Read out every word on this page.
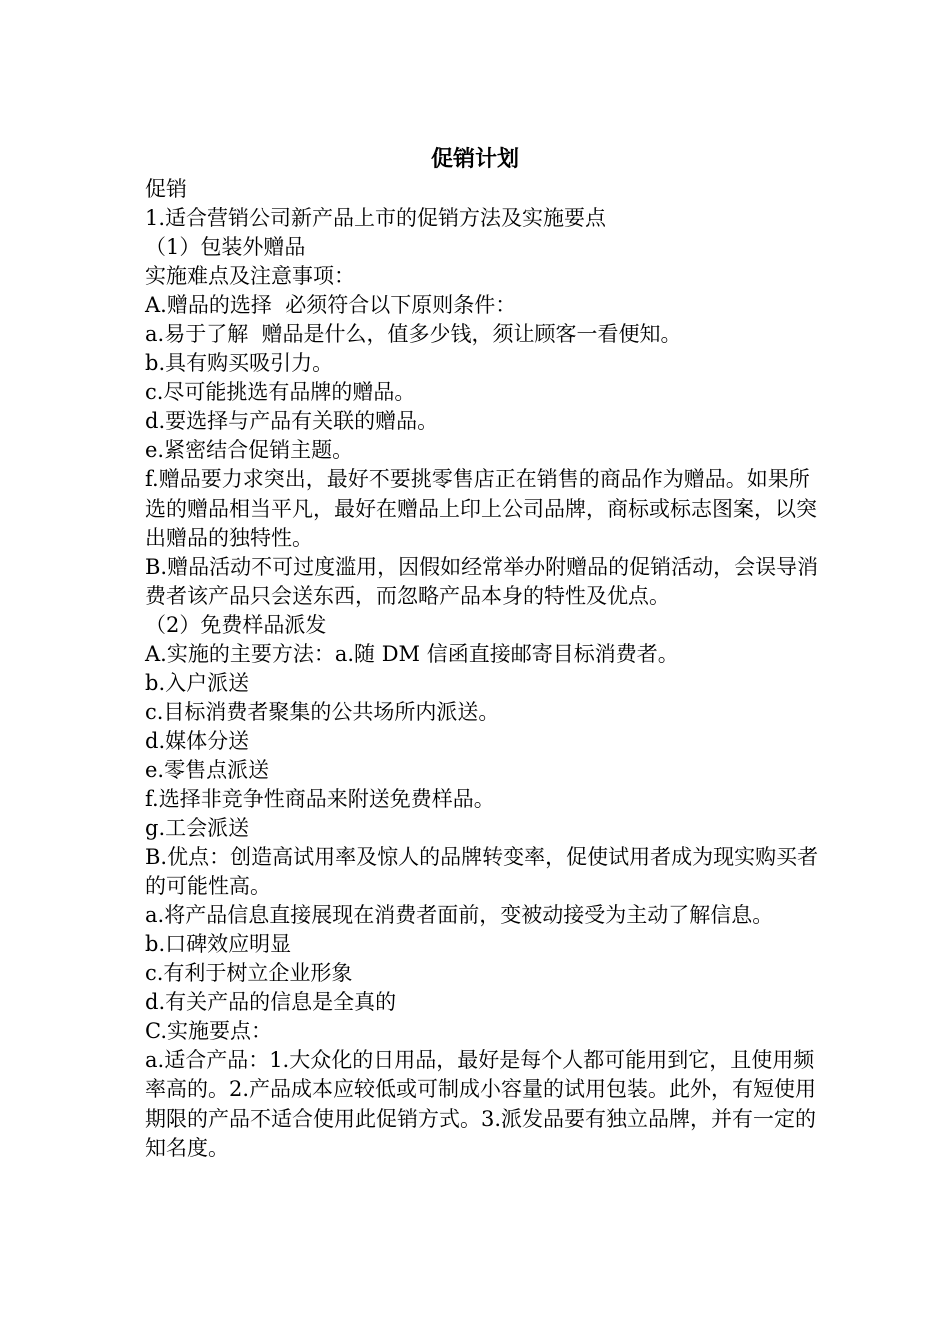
促销计划

促销

1.适合营销公司新产品上市的促销方法及实施要点

（1）包装外赠品

实施难点及注意事项：

A.赠品的选择  必须符合以下原则条件：

a.易于了解  赠品是什么，值多少钱，须让顾客一看便知。

b.具有购买吸引力。

c.尽可能挑选有品牌的赠品。

d.要选择与产品有关联的赠品。

e.紧密结合促销主题。

f.赠品要力求突出，最好不要挑零售店正在销售的商品作为赠品。如果所选的赠品相当平凡，最好在赠品上印上公司品牌，商标或标志图案，以突出赠品的独特性。

B.赠品活动不可过度滥用，因假如经常举办附赠品的促销活动，会误导消费者该产品只会送东西，而忽略产品本身的特性及优点。

（2）免费样品派发

A.实施的主要方法：a.随 DM 信函直接邮寄目标消费者。

b.入户派送

c.目标消费者聚集的公共场所内派送。

d.媒体分送

e.零售点派送

f.选择非竞争性商品来附送免费样品。

g.工会派送

B.优点：创造高试用率及惊人的品牌转变率，促使试用者成为现实购买者的可能性高。

a.将产品信息直接展现在消费者面前，变被动接受为主动了解信息。

b.口碑效应明显

c.有利于树立企业形象

d.有关产品的信息是全真的

C.实施要点：

a.适合产品：1.大众化的日用品，最好是每个人都可能用到它，且使用频率高的。2.产品成本应较低或可制成小容量的试用包装。此外，有短使用期限的产品不适合使用此促销方式。3.派发品要有独立品牌，并有一定的知名度。
